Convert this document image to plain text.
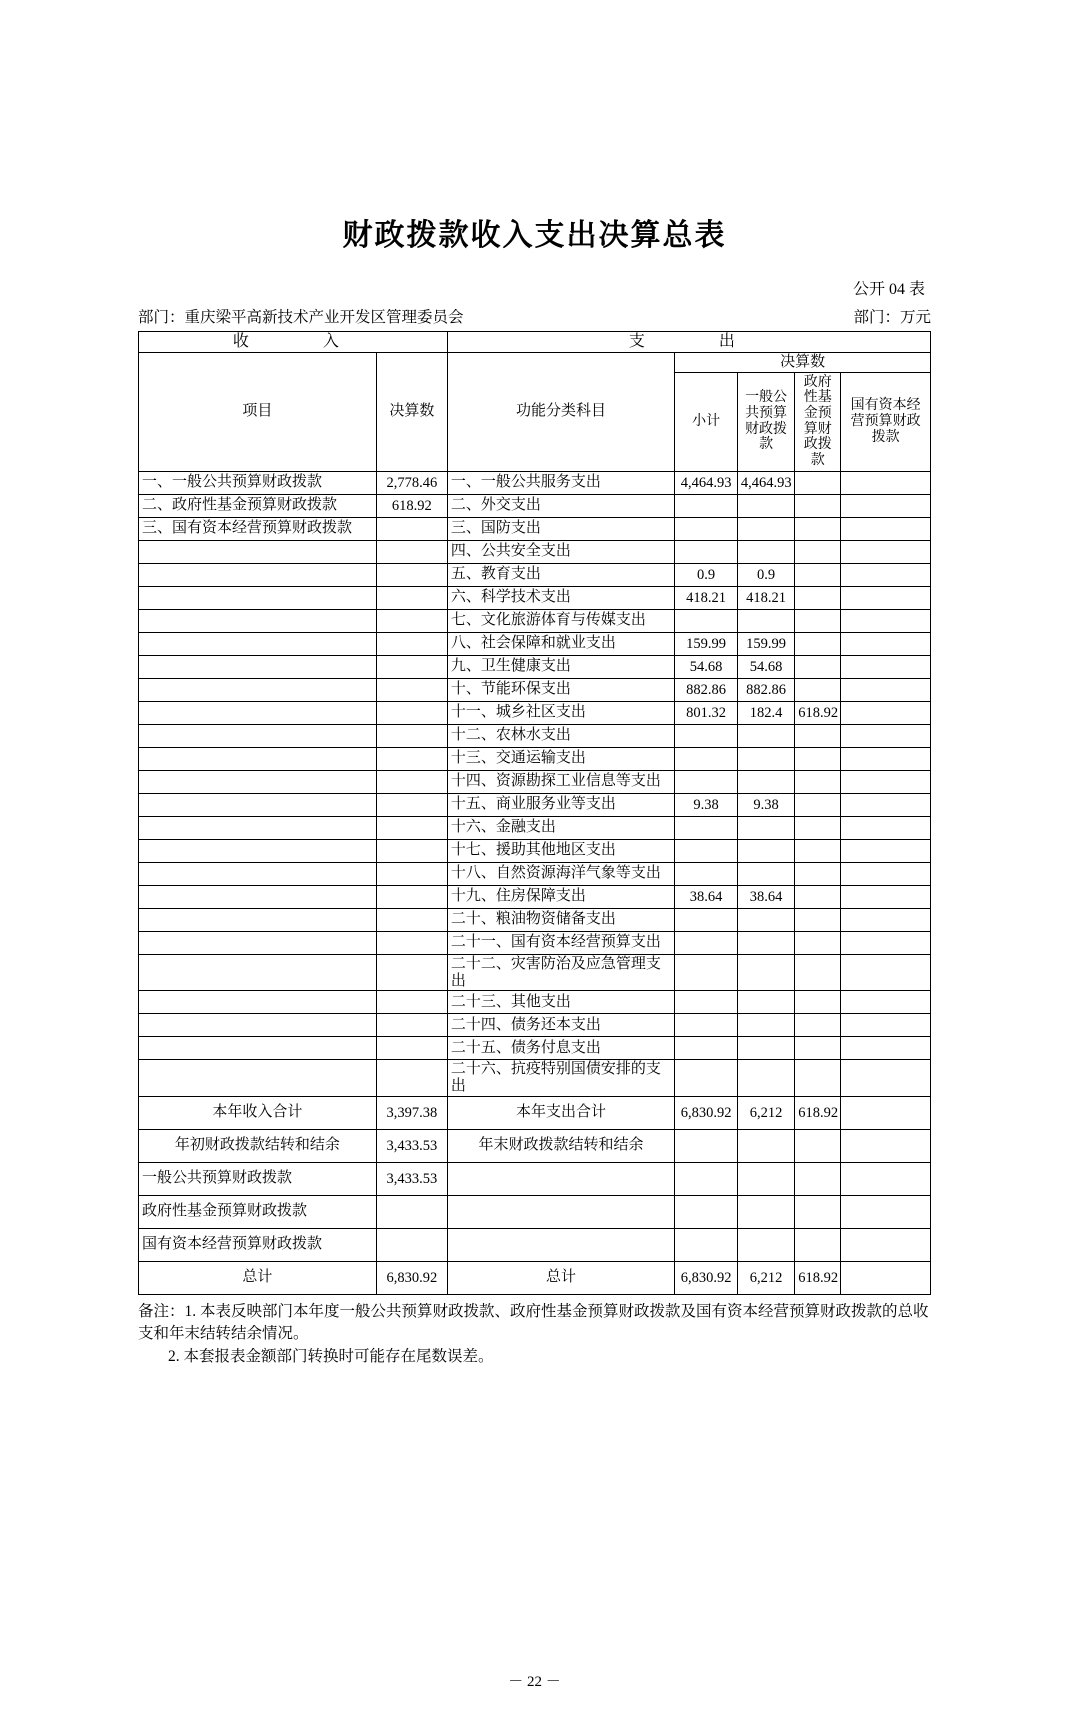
财政拨款收入支出决算总表
公开 04 表
部门：重庆梁平高新技术产业开发区管理委员会	部门：万元
收　　入		支　　出				
项目	决算数	功能分类科目	决算数			
			小计	一般公共预算财政拨款	政府性基金预算财政拨款	国有资本经营预算财政拨款

一、一般公共预算财政拨款	2,778.46	一、一般公共服务支出	4,464.93	4,464.93		
二、政府性基金预算财政拨款	618.92	二、外交支出				
三、国有资本经营预算财政拨款		三、国防支出				
		四、公共安全支出				
		五、教育支出	0.9	0.9		
		六、科学技术支出	418.21	418.21		
		七、文化旅游体育与传媒支出				
		八、社会保障和就业支出	159.99	159.99		
		九、卫生健康支出	54.68	54.68		
		十、节能环保支出	882.86	882.86		
		十一、城乡社区支出	801.32	182.4	618.92	
		十二、农林水支出				
		十三、交通运输支出				
		十四、资源勘探工业信息等支出				
		十五、商业服务业等支出	9.38	9.38		
		十六、金融支出				
		十七、援助其他地区支出				
		十八、自然资源海洋气象等支出				
		十九、住房保障支出	38.64	38.64		
		二十、粮油物资储备支出				
		二十一、国有资本经营预算支出				
		二十二、灾害防治及应急管理支出				
		二十三、其他支出				
		二十四、债务还本支出				
		二十五、债务付息支出				
		二十六、抗疫特别国债安排的支出				
本年收入合计	3,397.38	本年支出合计	6,830.92	6,212	618.92	
年初财政拨款结转和结余	3,433.53	年末财政拨款结转和结余				
一般公共预算财政拨款	3,433.53					
政府性基金预算财政拨款						
国有资本经营预算财政拨款						
总计	6,830.92	总计	6,830.92	6,212	618.92	

备注：1. 本表反映部门本年度一般公共预算财政拨款、政府性基金预算财政拨款及国有资本经营预算财政拨款的总收支和年末结转结余情况。

2. 本套报表金额部门转换时可能存在尾数误差。

－ 22 －
